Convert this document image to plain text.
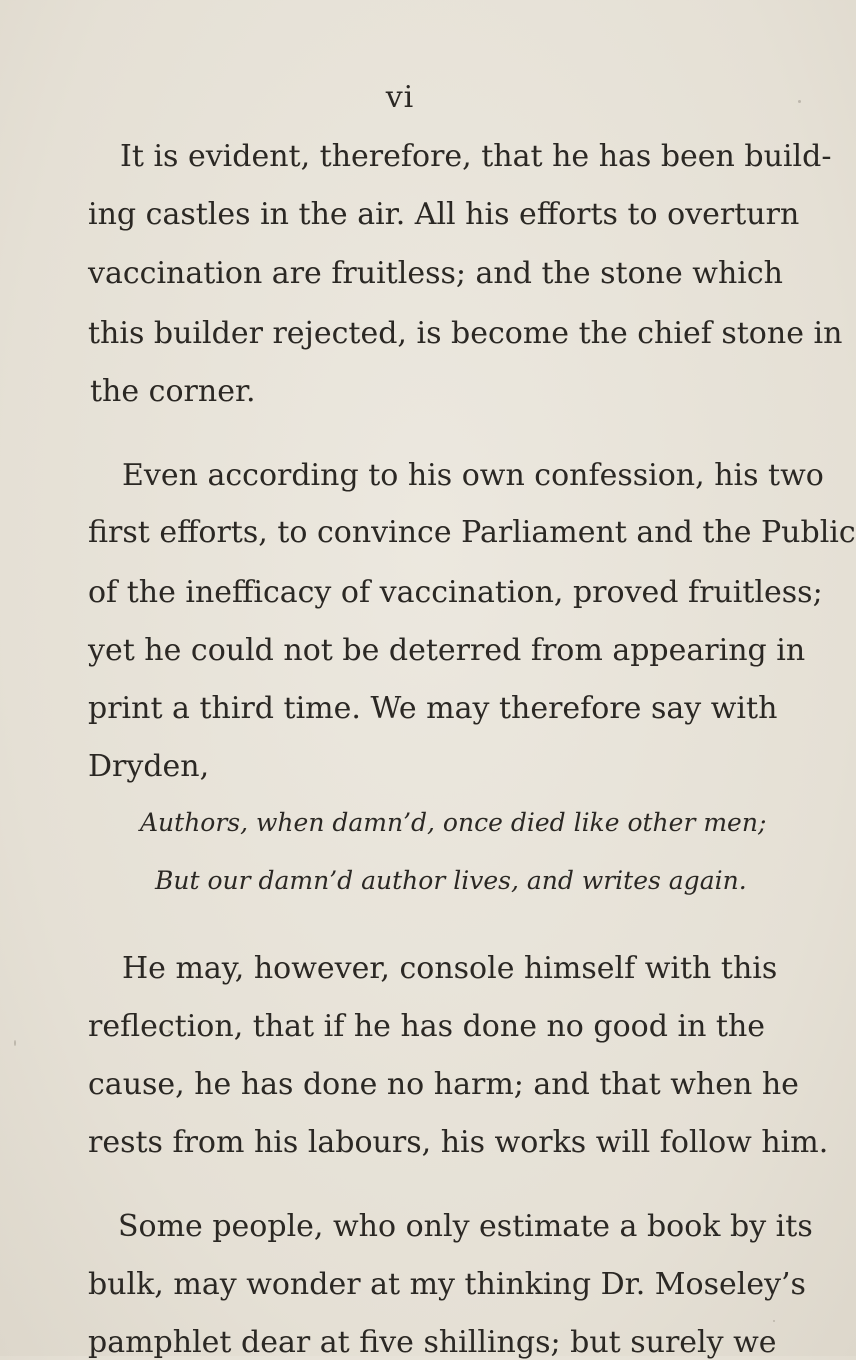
vi
It is evident, therefore, that he has been build-
ing castles in the air. All his efforts to overturn
vaccination are fruitless; and the stone which
this builder rejected, is become the chief stone in
the corner.
Even according to his own confession, his two
first efforts, to convince Parliament and the Public
of the inefficacy of vaccination, proved fruitless;
yet he could not be deterred from appearing in
print a third time. We may therefore say with
Dryden,
Authors, when damn’d, once died like other men;
But our damn’d author lives, and writes again.
He may, however, console himself with this
reflection, that if he has done no good in the
cause, he has done no harm; and that when he
rests from his labours, his works will follow him.
Some people, who only estimate a book by its
bulk, may wonder at my thinking Dr. Moseley’s
pamphlet dear at five shillings; but surely we
